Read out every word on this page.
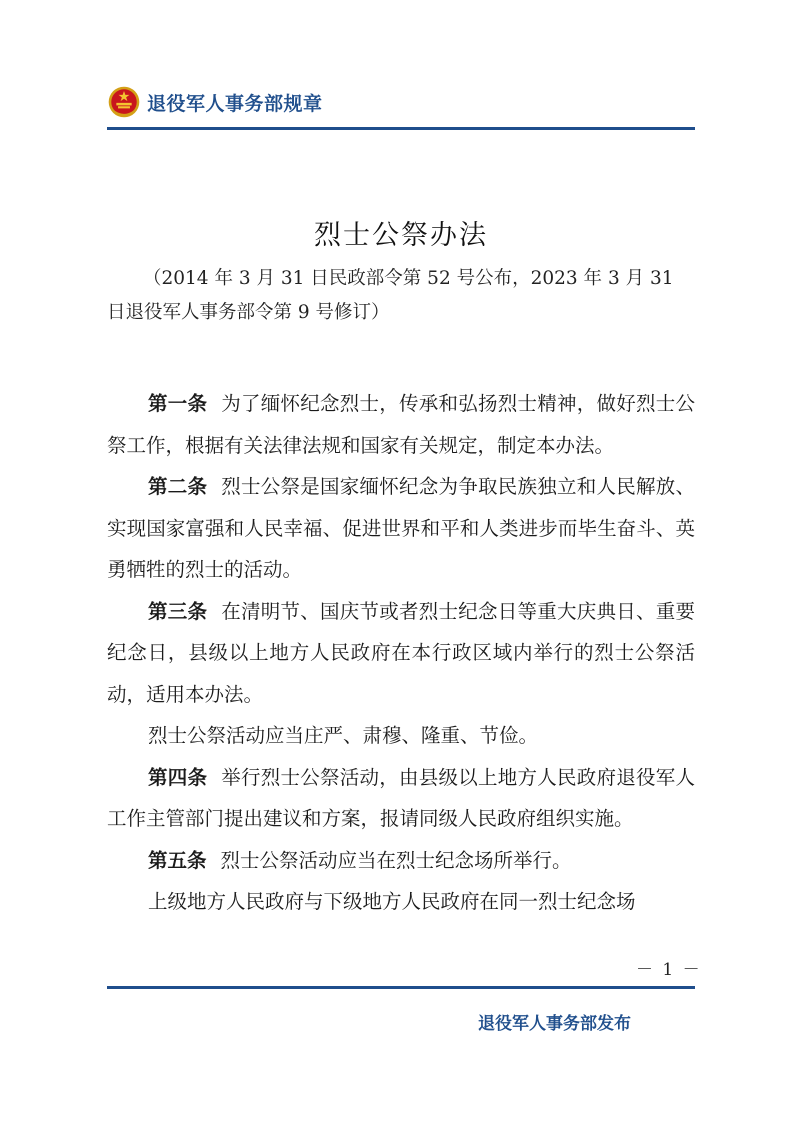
退役军人事务部规章
烈士公祭办法
（2014 年 3 月 31 日民政部令第 52 号公布，2023 年 3 月 31
日退役军人事务部令第 9 号修订）

第一条 为了缅怀纪念烈士，传承和弘扬烈士精神，做好烈士公祭工作，根据有关法律法规和国家有关规定，制定本办法。

第二条 烈士公祭是国家缅怀纪念为争取民族独立和人民解放、实现国家富强和人民幸福、促进世界和平和人类进步而毕生奋斗、英勇牺牲的烈士的活动。

第三条 在清明节、国庆节或者烈士纪念日等重大庆典日、重要纪念日，县级以上地方人民政府在本行政区域内举行的烈士公祭活动，适用本办法。

烈士公祭活动应当庄严、肃穆、隆重、节俭。

第四条 举行烈士公祭活动，由县级以上地方人民政府退役军人工作主管部门提出建议和方案，报请同级人民政府组织实施。

第五条 烈士公祭活动应当在烈士纪念场所举行。

上级地方人民政府与下级地方人民政府在同一烈士纪念场

－ 1 －
退役军人事务部发布
